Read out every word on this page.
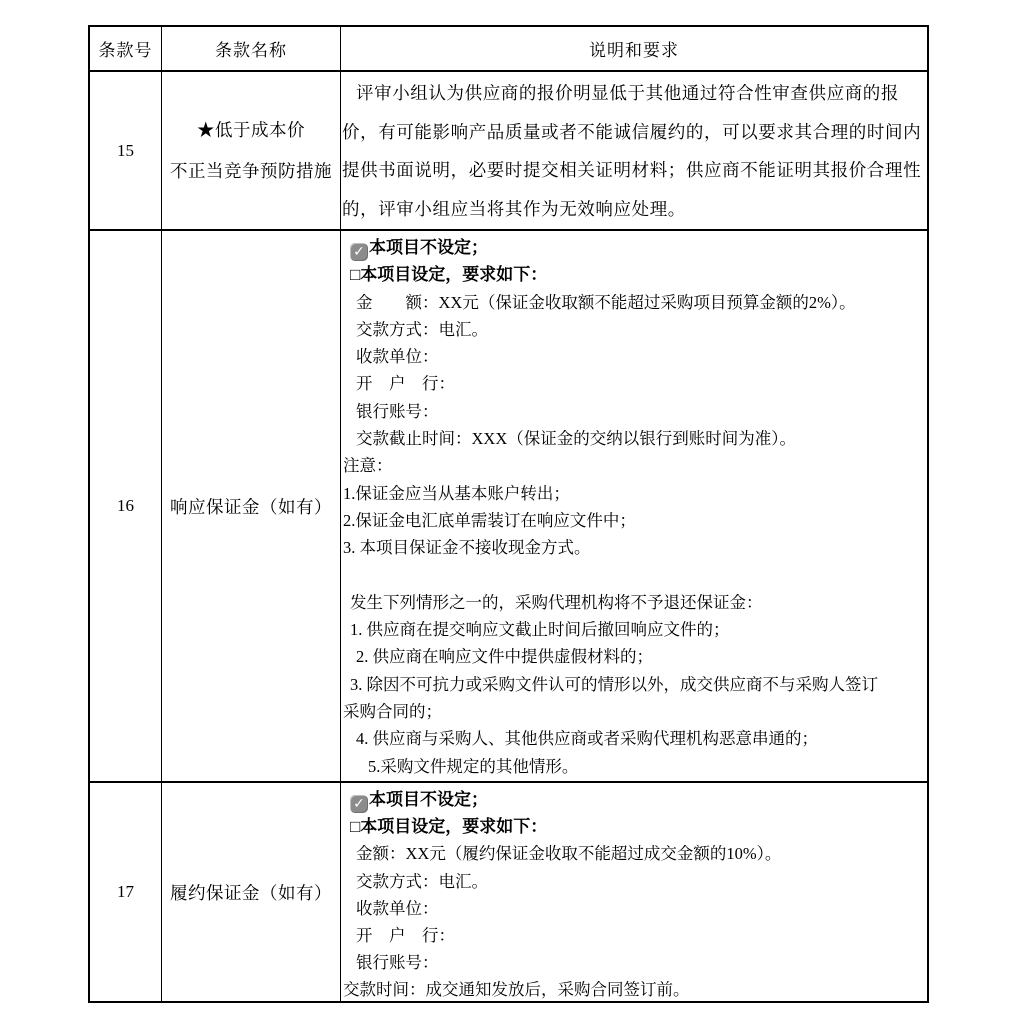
条款号	条款名称	说明和要求
15
★低于成本价
不正当竞争预防措施
评审小组认为供应商的报价明显低于其他通过符合性审查供应商的报
价，有可能影响产品质量或者不能诚信履约的，可以要求其合理的时间内
提供书面说明，必要时提交相关证明材料；供应商不能证明其报价合理性
的，评审小组应当将其作为无效响应处理。
16 响应保证金（如有）
✓ 本项目不设定；
□本项目设定，要求如下：
金　　额：XX元（保证金收取额不能超过采购项目预算金额的2%）。
交款方式：电汇。
收款单位：
开　户　行：
银行账号：
交款截止时间：XXX（保证金的交纳以银行到账时间为准）。
注意：
1.保证金应当从基本账户转出；
2.保证金电汇底单需装订在响应文件中；
3. 本项目保证金不接收现金方式。
发生下列情形之一的，采购代理机构将不予退还保证金：
1. 供应商在提交响应文截止时间后撤回响应文件的；
2. 供应商在响应文件中提供虚假材料的；
3. 除因不可抗力或采购文件认可的情形以外，成交供应商不与采购人签订
采购合同的；
4. 供应商与采购人、其他供应商或者采购代理机构恶意串通的；
5.采购文件规定的其他情形。
17 履约保证金（如有）
✓ 本项目不设定；
□本项目设定，要求如下：
金额：XX元（履约保证金收取不能超过成交金额的10%）。
交款方式：电汇。
收款单位：
开　户　行：
银行账号：
交款时间：成交通知发放后，采购合同签订前。
